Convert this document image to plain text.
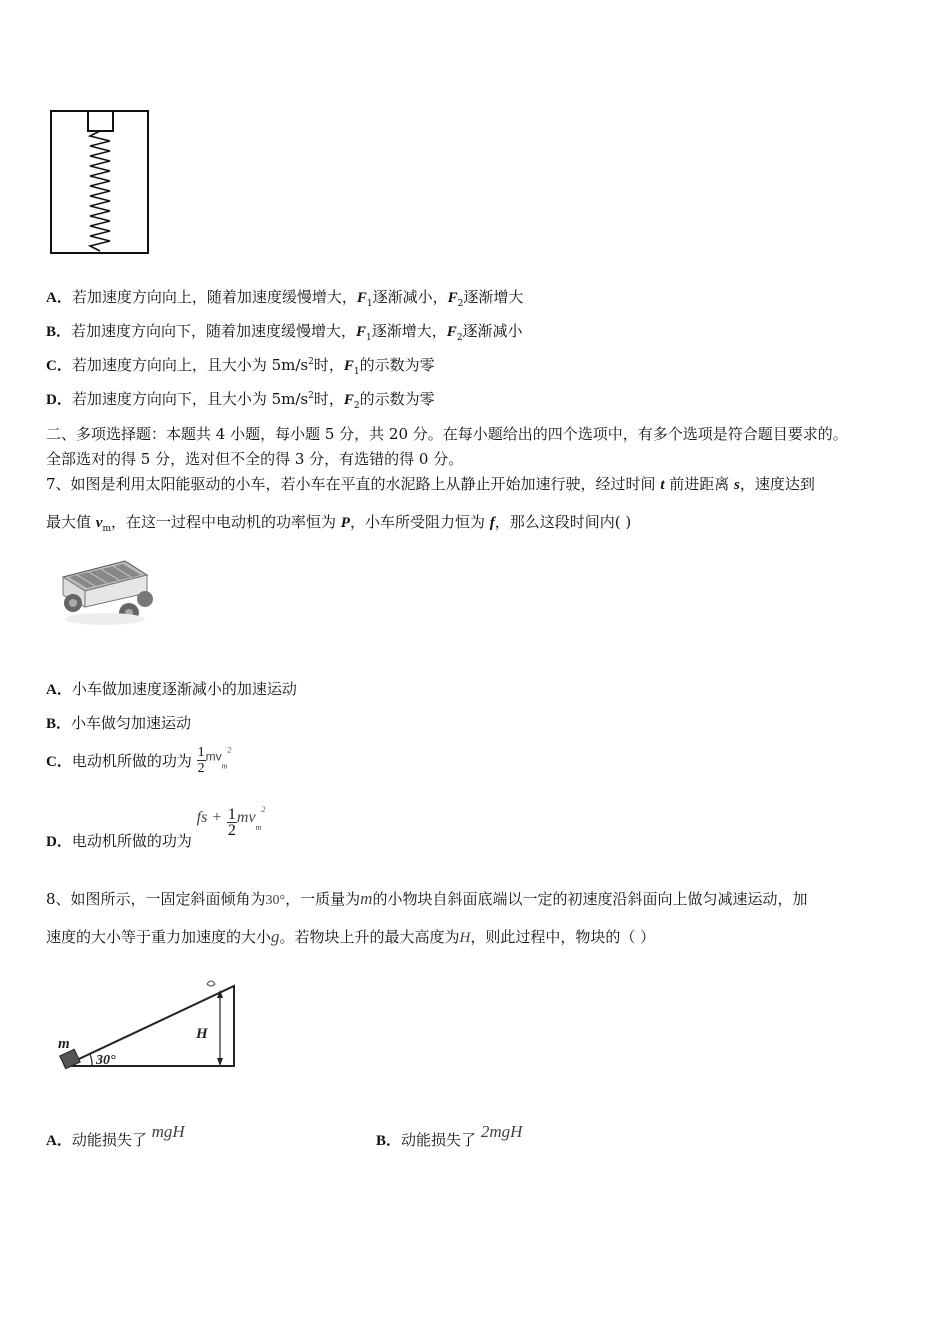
A．若加速度方向向上，随着加速度缓慢增大，$F_1$逐渐减小，$F_2$逐渐增大
B．若加速度方向向下，随着加速度缓慢增大，$F_1$逐渐增大，$F_2$逐渐减小
C．若加速度方向向上，且大小为 $5m/s^2$时，$F_1$的示数为零
D．若加速度方向向下，且大小为 $5m/s^2$时，$F_2$的示数为零
二、多项选择题：本题共 4 小题，每小题 5 分，共 20 分。在每小题给出的四个选项中，有多个选项是符合题目要求的。
全部选对的得 5 分，选对但不全的得 3 分，有选错的得 0 分。
7、如图是利用太阳能驱动的小车，若小车在平直的水泥路上从静止开始加速行驶，经过时间 t 前进距离 s，速度达到
最大值 $v_m$，在这一过程中电动机的功率恒为 P，小车所受阻力恒为 f，那么这段时间内( )
A．小车做加速度逐渐减小的加速运动
B．小车做匀加速运动
C．电动机所做的功为 $\frac{1}{2} ^{mv}_m^2$
D．电动机所做的功为 fs + $\frac{1}{2} mv_m^2$
8、如图所示，一固定斜面倾角为30°，一质量为m的小物块自斜面底端以一定的初速度沿斜面向上做匀减速运动，加
速度的大小等于重力加速度的大小g。若物块上升的最大高度为H，则此过程中，物块的（ ）
m
30°
H
A．动能损失了 mgH	B．动能损失了 2mgH
